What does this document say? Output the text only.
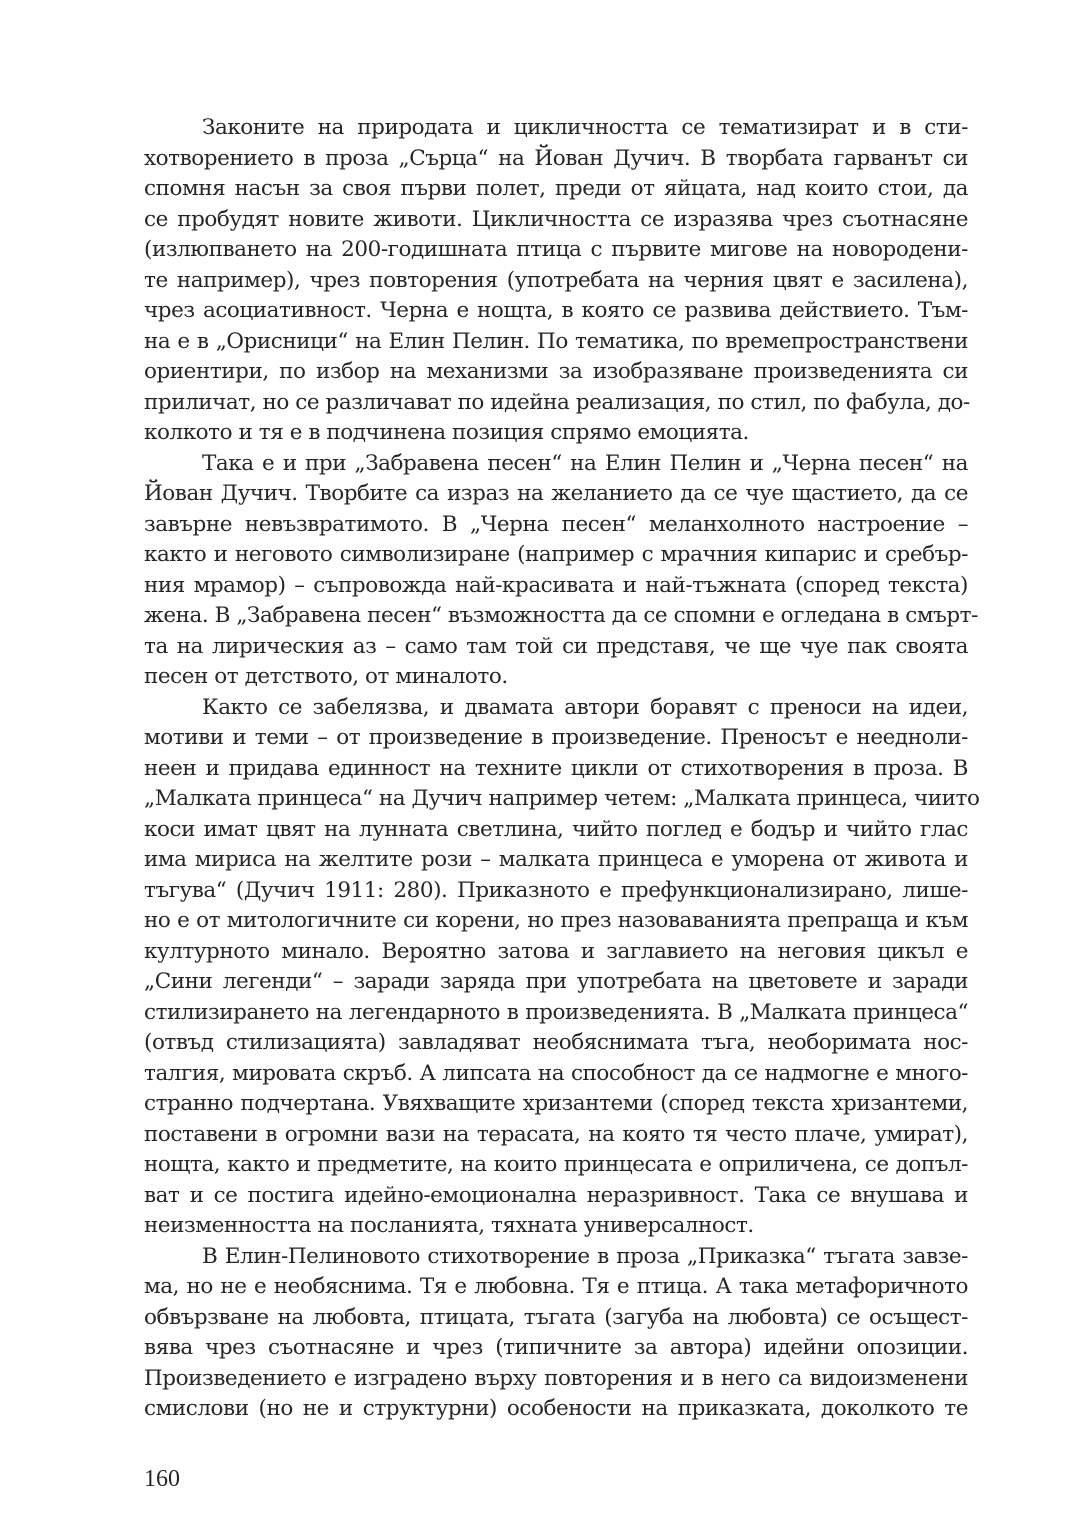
Законите на природата и цикличността се тематизират и в сти-
хотворението в проза „Сърца“ на Йован Дучич. В творбата гарванът си
спомня насън за своя първи полет, преди от яйцата, над които стои, да
се пробудят новите животи. Цикличността се изразява чрез съотнасяне
(излюпването на 200-годишната птица с първите мигове на новородени-
те например), чрез повторения (употребата на черния цвят е засилена),
чрез асоциативност. Черна е нощта, в която се развива действието. Тъм-
на е в „Орисници“ на Елин Пелин. По тематика, по времепространствени
ориентири, по избор на механизми за изобразяване произведенията си
приличат, но се различават по идейна реализация, по стил, по фабула, до-
колкото и тя е в подчинена позиция спрямо емоцията.
Така е и при „Забравена песен“ на Елин Пелин и „Черна песен“ на
Йован Дучич. Творбите са израз на желанието да се чуе щастието, да се
завърне невъзвратимото. В „Черна песен“ меланхолното настроение –
както и неговото символизиране (например с мрачния кипарис и сребър-
ния мрамор) – съпровожда най-красивата и най-тъжната (според текста)
жена. В „Забравена песен“ възможността да се спомни е огледана в смърт-
та на лирическия аз – само там той си представя, че ще чуе пак своята
песен от детството, от миналото.
Както се забелязва, и двамата автори боравят с преноси на идеи,
мотиви и теми – от произведение в произведение. Преносът е нееднoли-
неен и придава единност на техните цикли от стихотворения в проза. В
„Малката принцеса“ на Дучич например четем: „Малката принцеса, чиито
коси имат цвят на лунната светлина, чийто поглед е бодър и чийто глас
има мириса на желтите рози – малката принцеса е уморена от живота и
тъгува“ (Дучич 1911: 280). Приказното е префункционализирано, лише-
но е от митологичните си корени, но през назоваванията препраща и към
културното минало. Вероятно затова и заглавието на неговия цикъл е
„Сини легенди“ – заради заряда при употребата на цветовете и заради
стилизирането на легендарното в произведенията. В „Малката принцеса“
(отвъд стилизацията) завладяват необяснимата тъга, необоримата нос-
талгия, мировата скръб. А липсата на способност да се надмогне е много-
странно подчертана. Увяхващите хризантеми (според текста хризантеми,
поставени в огромни вази на терасата, на която тя често плаче, умират),
нощта, както и предметите, на които принцесата е оприличена, се допъл-
ват и се постига идейно-емоционална неразривност. Така се внушава и
неизменността на посланията, тяхната универсалност.
В Елин-Пелиновото стихотворение в проза „Приказка“ тъгата завзе-
ма, но не е необяснима. Тя е любовна. Тя е птица. А така метафоричното
обвързване на любовта, птицата, тъгата (загуба на любовта) се осъщест-
вява чрез съотнасяне и чрез (типичните за автора) идейни опозиции.
Произведението е изградено върху повторения и в него са видоизменени
смислови (но не и структурни) особености на приказката, доколкото те
160
